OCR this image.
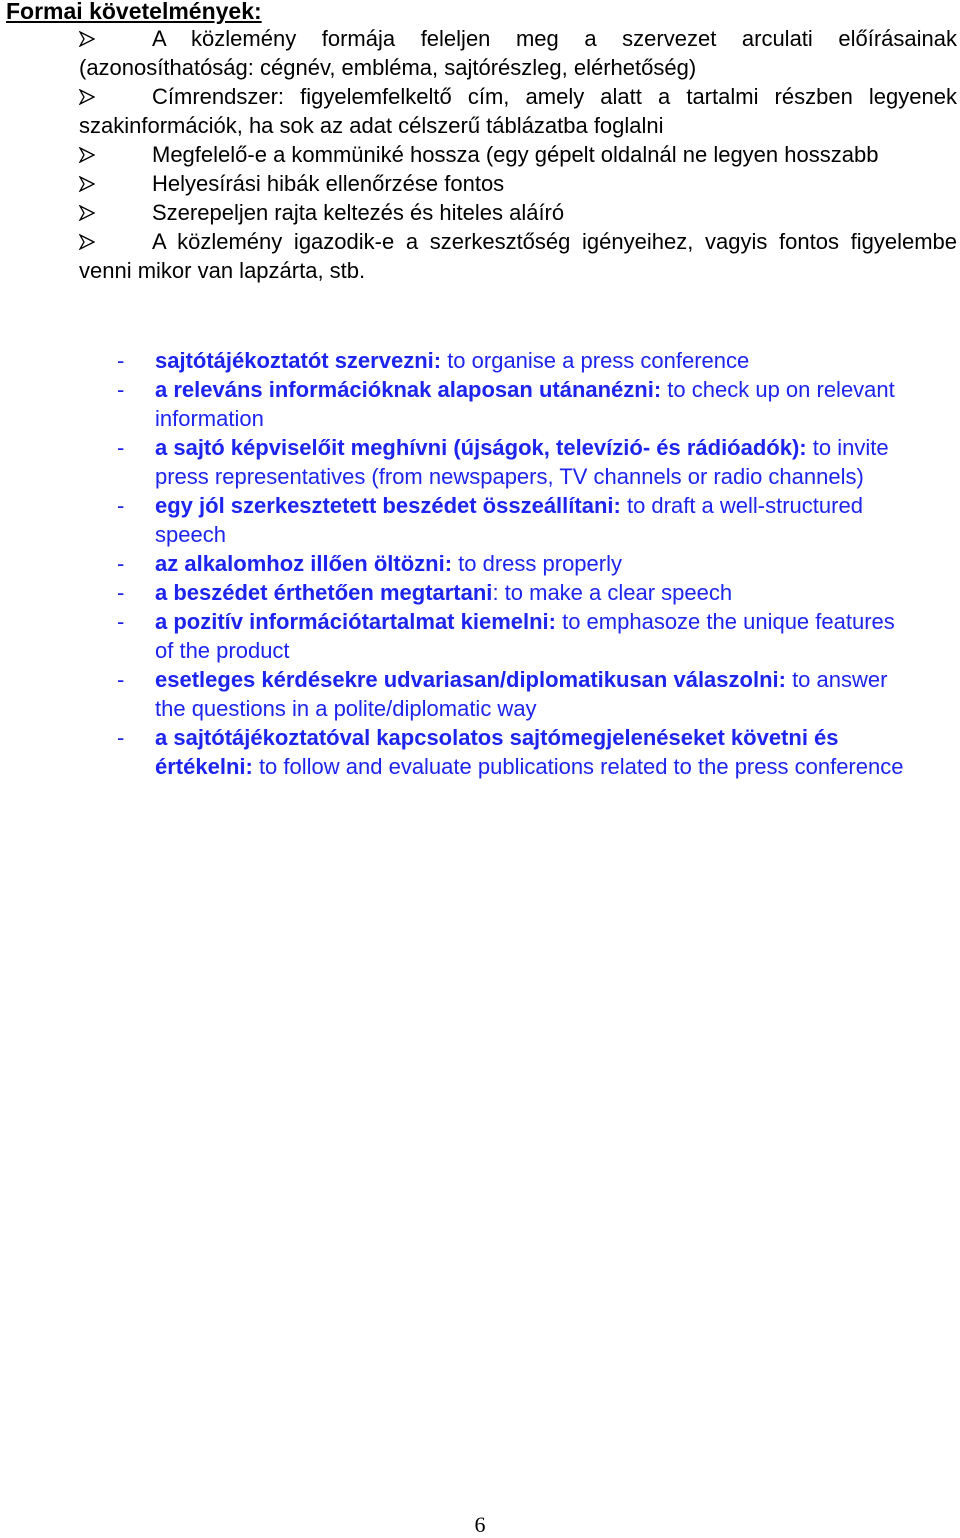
Formai követelmények:
A közlemény formája feleljen meg a szervezet arculati előírásainak (azonosíthatóság: cégnév, embléma, sajtórészleg, elérhetőség)
Címrendszer: figyelemfelkeltő cím, amely alatt a tartalmi részben legyenek szakinformációk, ha sok az adat célszerű táblázatba foglalni
Megfelelő-e a kommüniké hossza (egy gépelt oldalnál ne legyen hosszabb
Helyesírási hibák ellenőrzése fontos
Szerepeljen rajta keltezés és hiteles aláíró
A közlemény igazodik-e a szerkesztőség igényeihez, vagyis fontos figyelembe venni mikor van lapzárta, stb.
- sajtótájékoztatót szervezni: to organise a press conference
- a releváns információknak alaposan utánanézni: to check up on relevant information
- a sajtó képviselőit meghívni (újságok, televízió- és rádióadók): to invite press representatives (from newspapers, TV channels or radio channels)
- egy jól szerkesztetett beszédet összeállítani: to draft a well-structured speech
- az alkalomhoz illően öltözni: to dress properly
- a beszédet érthetően megtartani: to make a clear speech
- a pozitív információtartalmat kiemelni: to emphasoze the unique features of the product
- esetleges kérdésekre udvariasan/diplomatikusan válaszolni: to answer the questions in a polite/diplomatic way
- a sajtótájékoztatóval kapcsolatos sajtómegjelenéseket követni és értékelni: to follow and evaluate publications related to the press conference
6
